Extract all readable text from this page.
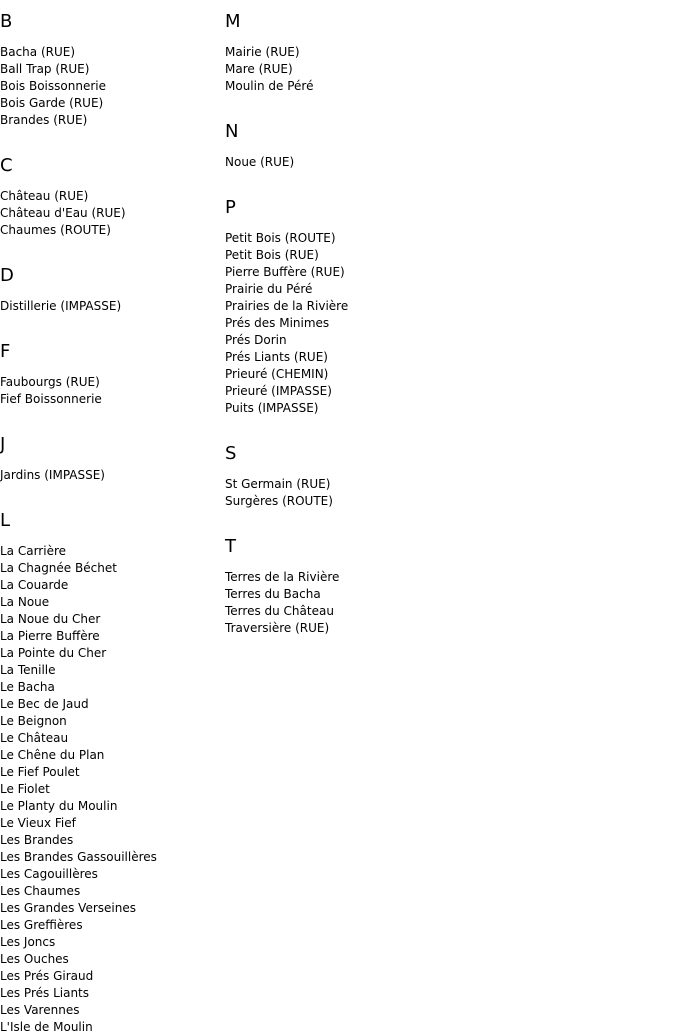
B
Bacha (RUE)
Ball Trap (RUE)
Bois Boissonnerie
Bois Garde (RUE)
Brandes (RUE)
C
Château (RUE)
Château d'Eau (RUE)
Chaumes (ROUTE)
D
Distillerie (IMPASSE)
F
Faubourgs (RUE)
Fief Boissonnerie
J
Jardins (IMPASSE)
L
La Carrière
La Chagnée Béchet
La Couarde
La Noue
La Noue du Cher
La Pierre Buffère
La Pointe du Cher
La Tenille
Le Bacha
Le Bec de Jaud
Le Beignon
Le Château
Le Chêne du Plan
Le Fief Poulet
Le Fiolet
Le Planty du Moulin
Le Vieux Fief
Les Brandes
Les Brandes Gassouillères
Les Cagouillères
Les Chaumes
Les Grandes Verseines
Les Greffières
Les Joncs
Les Ouches
Les Prés Giraud
Les Prés Liants
Les Varennes
L'Isle de Moulin
M
Mairie (RUE)
Mare (RUE)
Moulin de Péré
N
Noue (RUE)
P
Petit Bois (ROUTE)
Petit Bois (RUE)
Pierre Buffère (RUE)
Prairie du Péré
Prairies de la Rivière
Prés des Minimes
Prés Dorin
Prés Liants (RUE)
Prieuré (CHEMIN)
Prieuré (IMPASSE)
Puits (IMPASSE)
S
St Germain (RUE)
Surgères (ROUTE)
T
Terres de la Rivière
Terres du Bacha
Terres du Château
Traversière (RUE)
